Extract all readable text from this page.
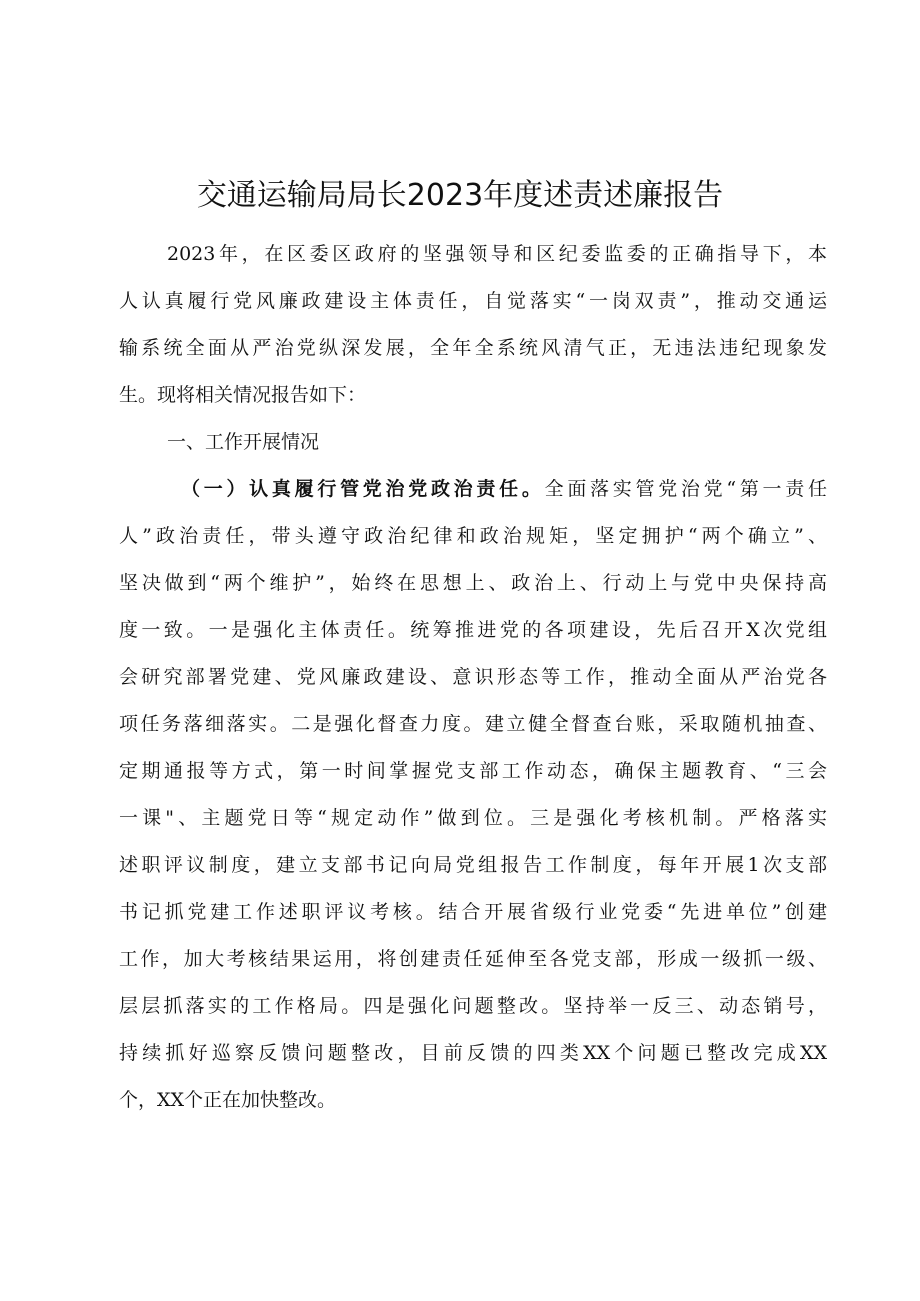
交通运输局局长2023年度述责述廉报告
2023年，在区委区政府的坚强领导和区纪委监委的正确指导下，本
人认真履行党风廉政建设主体责任，自觉落实“一岗双责”，推动交通运
输系统全面从严治党纵深发展，全年全系统风清气正，无违法违纪现象发
生。现将相关情况报告如下：
一、工作开展情况
（一）认真履行管党治党政治责任。全面落实管党治党“第一责任
人”政治责任，带头遵守政治纪律和政治规矩，坚定拥护“两个确立”、
坚决做到“两个维护”，始终在思想上、政治上、行动上与党中央保持高
度一致。一是强化主体责任。统筹推进党的各项建设，先后召开X次党组
会研究部署党建、党风廉政建设、意识形态等工作，推动全面从严治党各
项任务落细落实。二是强化督查力度。建立健全督查台账，采取随机抽查、
定期通报等方式，第一时间掌握党支部工作动态，确保主题教育、“三会
一课"、主题党日等“规定动作”做到位。三是强化考核机制。严格落实
述职评议制度，建立支部书记向局党组报告工作制度，每年开展1次支部
书记抓党建工作述职评议考核。结合开展省级行业党委“先进单位”创建
工作，加大考核结果运用，将创建责任延伸至各党支部，形成一级抓一级、
层层抓落实的工作格局。四是强化问题整改。坚持举一反三、动态销号，
持续抓好巡察反馈问题整改，目前反馈的四类XX个问题已整改完成XX
个，XX个正在加快整改。
